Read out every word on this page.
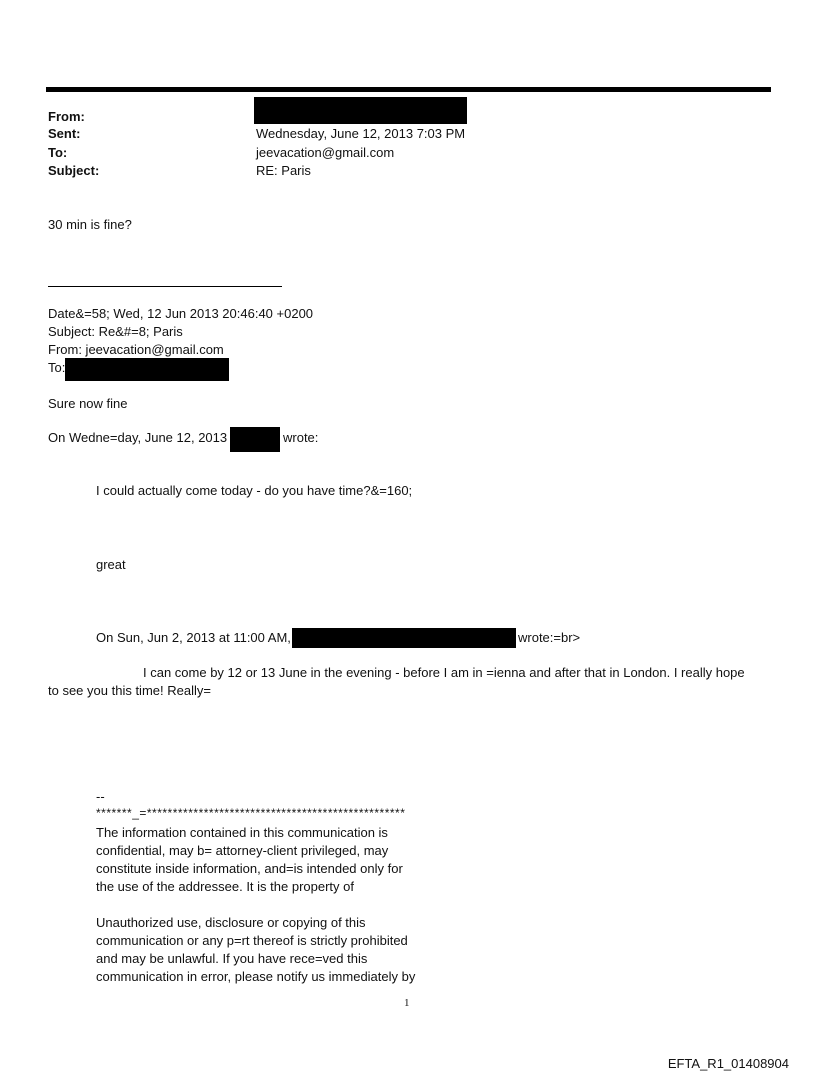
From:
Sent:	Wednesday, June 12, 2013 7:03 PM
To:	jeevacation@gmail.com
Subject:	RE: Paris
30 min is fine?
Date&=58; Wed, 12 Jun 2013 20:46:40 +0200
Subject: Re&#=8; Paris
From: jeevacation@gmail.com
To:
Sure now fine
On Wedne=day, June 12, 2013	wrote:
I could actually come today - do you have time?&=160;
great
On Sun, Jun 2, 2013 at 11:00 AM,	wrote:=br>
I can come by 12 or 13 June in the evening - before I am in =ienna and after that in London. I really hope
to see you this time! Really=
--
*******_=**************************************************
The information contained in this communication is
confidential, may b= attorney-client privileged, may
constitute inside information, and=is intended only for
the use of the addressee. It is the property of
Unauthorized use, disclosure or copying of this
communication or any p=rt thereof is strictly prohibited
and may be unlawful. If you have rece=ved this
communication in error, please notify us immediately by
1
EFTA_R1_01408904
